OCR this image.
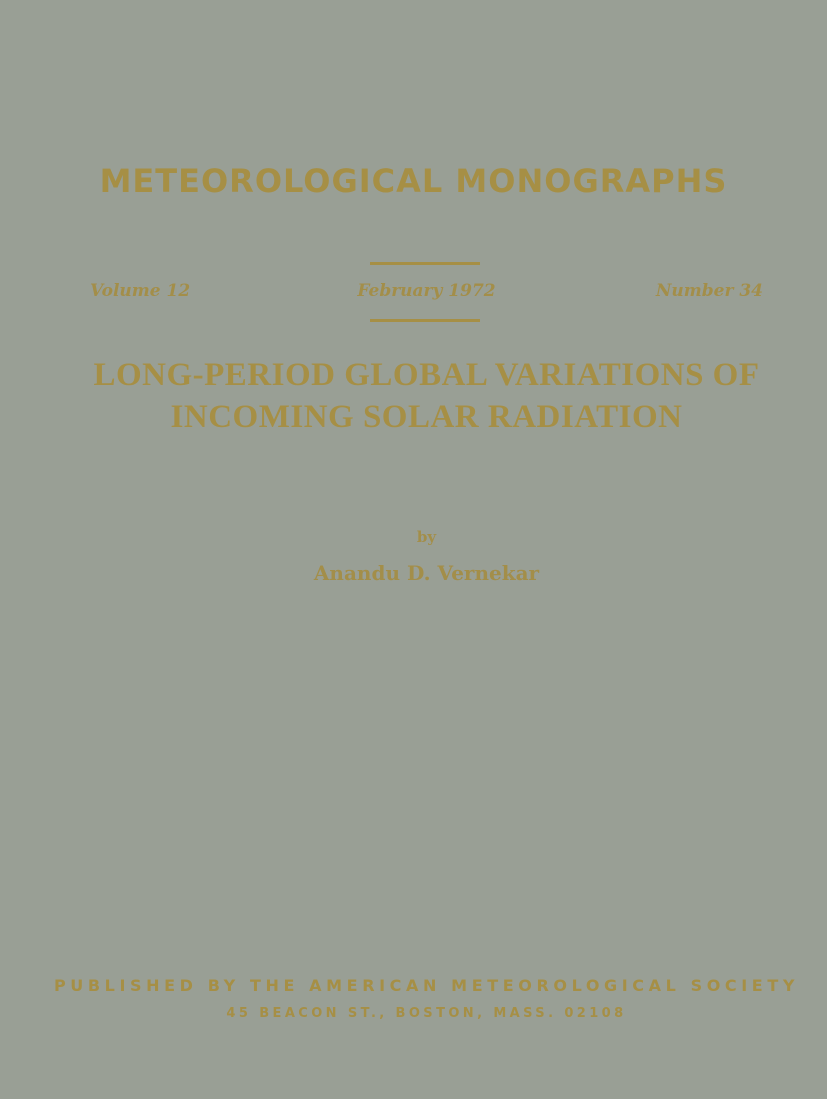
METEOROLOGICAL MONOGRAPHS
Volume 12	February 1972	Number 34
LONG-PERIOD GLOBAL VARIATIONS OF
INCOMING SOLAR RADIATION
by
Anandu D. Vernekar
PUBLISHED BY THE AMERICAN METEOROLOGICAL SOCIETY
45 BEACON ST., BOSTON, MASS. 02108
